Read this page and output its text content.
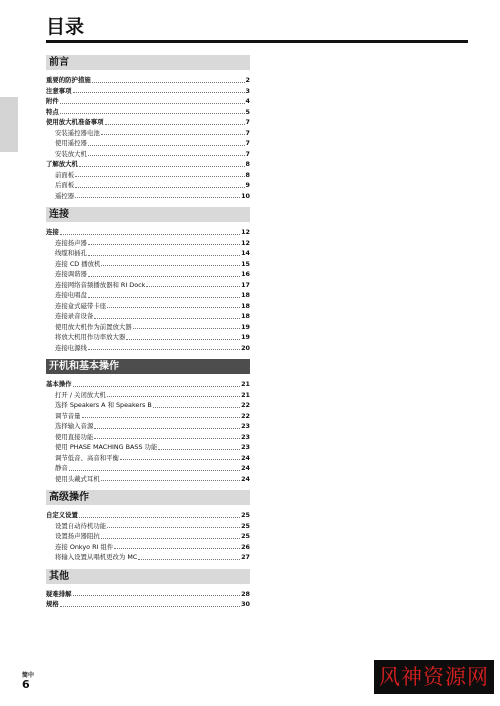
目录
前言
重要的防护措施	2
注意事项	3
附件	4
特点	5
使用放大机准备事项	7
安装遥控器电池	7
使用遥控器	7
安装放大机	7
了解放大机	8
前面板	8
后面板	9
遥控器	10
连接
连接	12
连接扬声器	12
线缆和插孔	14
连接 CD 播放机	15
连接调谐器	16
连接网络音频播放器和 RI Dock	17
连接电唱盘	18
连接盒式磁带卡座	18
连接录音设备	18
使用放大机作为前置放大器	19
将放大机用作功率放大器	19
连接电源线	20
开机和基本操作
基本操作	21
打开 / 关闭放大机	21
选择 Speakers A 和 Speakers B	22
调节音量	22
选择输入音源	23
使用直接功能	23
使用 PHASE MACHING BASS 功能	23
调节低音、高音和平衡	24
静音	24
使用头戴式耳机	24
高级操作
自定义设置	25
设置自动待机功能	25
设置扬声器阻抗	25
连接 Onkyo RI 组件	26
将输入设置从唱机更改为 MC	27
其他
疑难排解	28
规格	30
简中
6	风神资源网
